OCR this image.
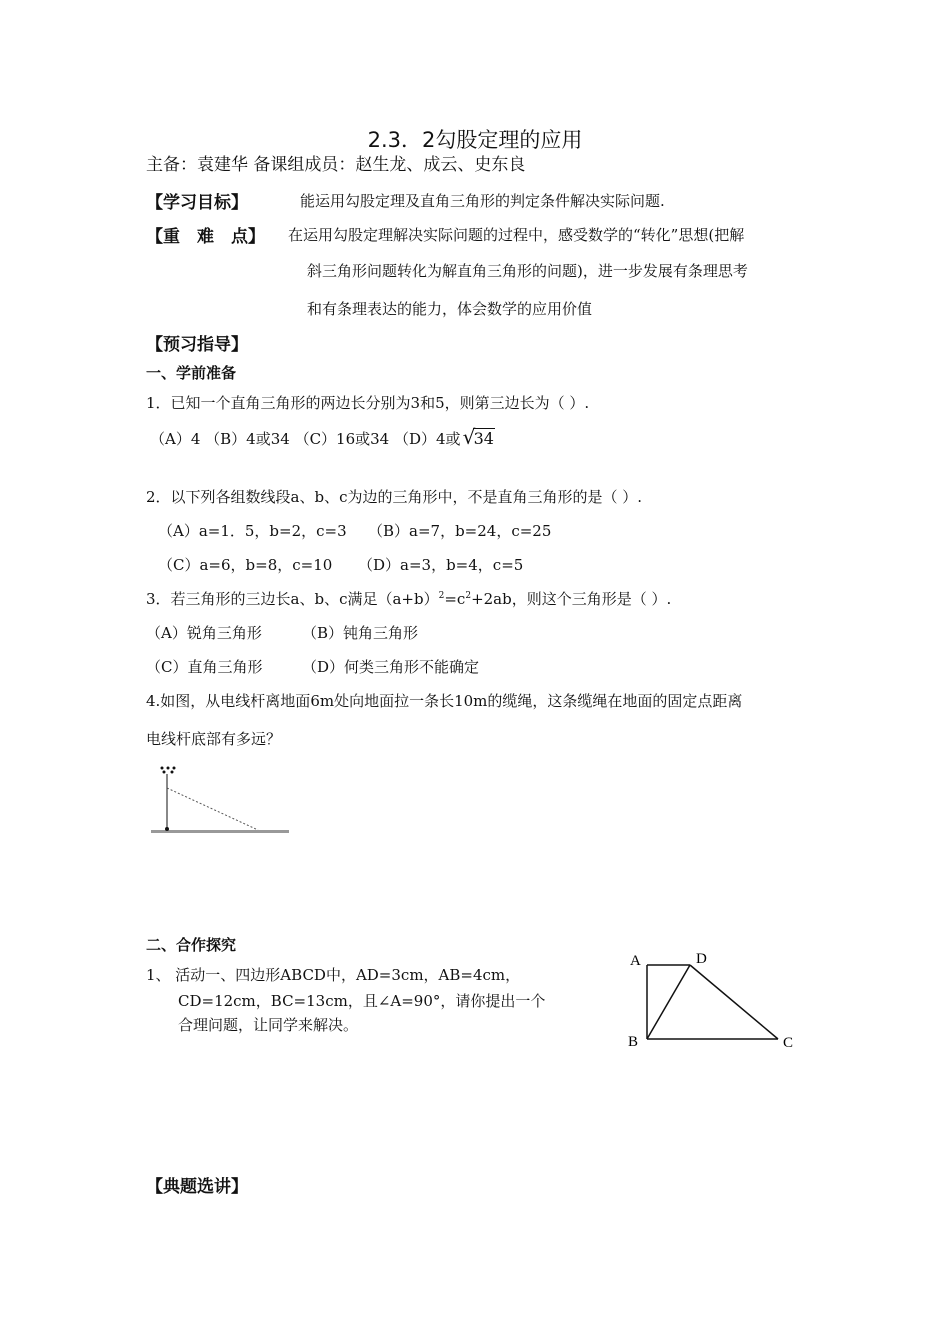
2.3．2勾股定理的应用
主备：袁建华 备课组成员：赵生龙、成云、史东良
【学习目标】	能运用勾股定理及直角三角形的判定条件解决实际问题.
【重　难　点】 在运用勾股定理解决实际问题的过程中，感受数学的“转化”思想(把解
斜三角形问题转化为解直角三角形的问题)，进一步发展有条理思考
和有条理表达的能力，体会数学的应用价值
【预习指导】
一、学前准备
1．已知一个直角三角形的两边长分别为3和5，则第三边长为（ ）.
（A）4 （B）4或34 （C）16或34 （D）4或 √
34
2．以下列各组数线段a、b、c为边的三角形中，不是直角三角形的是（ ）.
（A）a=1．5，b=2，c=3 （B）a=7，b=24，c=25
（C）a=6，b=8，c=10 （D）a=3，b=4，c=5
3．若三角形的三边长a、b、c满足$(a+b)^2=c^2+2ab$，则这个三角形是（ ）.
（A）锐角三角形	（B）钝角三角形
（C）直角三角形	（D）何类三角形不能确定
4.如图，从电线杆离地面6m处向地面拉一条长10m的缆绳，这条缆绳在地面的固定点距离
电线杆底部有多远？
二、合作探究
1、 活动一、四边形ABCD中，AD=3cm，AB=4cm，
CD=12cm，BC=13cm，且∠A=90°，请你提出一个
合理问题，让同学来解决。
A	D
B	C
【典题选讲】
